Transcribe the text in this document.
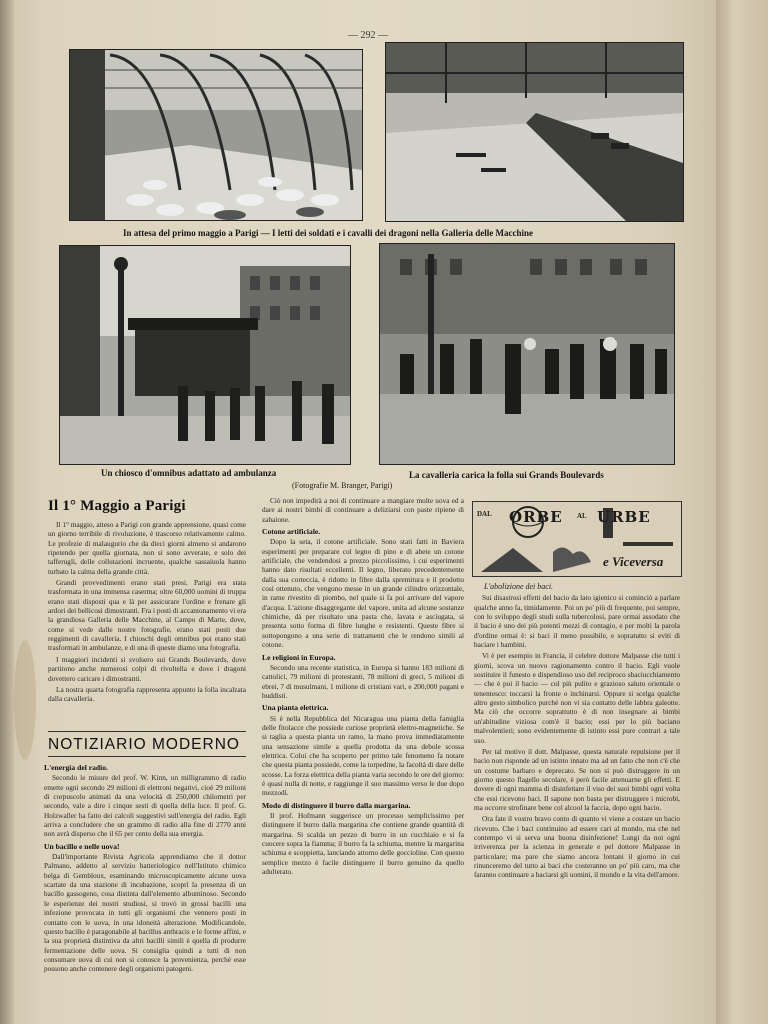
— 292 —
In attesa del primo maggio a Parigi — I letti dei soldati e i cavalli dei dragoni nella Galleria delle Macchine
Un chiosco d'omnibus adattato ad ambulanza	La cavalleria carica la folla sui Grands Boulevards
(Fotografie M. Branger, Parigi)
Il 1° Maggio a Parigi

Il 1° maggio, atteso a Parigi con grande apprensione, quasi come un giorno terribile di rivoluzione, è trascorso relativamente calmo. Le profezie di malaugurio che da dieci giorni almeno si andarono ripetendo per quella giornata, non si sono avverate, e solo dei tafferugli, delle collutazioni incruente, qualche sassaiuola hanno turbato la calma della grande città.

Grandi provvedimenti erano stati presi. Parigi era stata trasformata in una immensa caserma; oltre 60,000 uomini di truppa erano stati disposti qua e là per assicurare l'ordine e frenare gli ardori dei bellicosi dimostranti. Fra i posti di accantonamento vi era la grandiosa Galleria delle Macchine, al Campo di Marte, dove, come si vede dalle nostre fotografie, erano stati posti due reggimenti di cavalleria. I chioschi degli omnibus poi erano stati trasformati in ambulanze, e di una di queste diamo una fotografia.

I maggiori incidenti si svolsero sui Grands Boulevards, dove partirono anche numerosi colpi di rivoltella e dove i dragoni dovettero caricare i dimostranti.

La nostra quarta fotografia rappresenta appunto la folla incalzata dalla cavalleria.

NOTIZIARIO MODERNO
L'energia del radio.

Secondo le misure del prof. W. Kinn, un milligrammo di radio emette ogni secondo 29 milioni di elettroni negativi, cioè 29 milioni di corpuscolo animati da una velocità di 250,000 chilometri per secondo, vale a dire i cinque sesti di quella della luce. Il prof. G. Holzwaller ha fatto dei calcoli suggestivi sull'energia del radio. Egli arriva a concludere che un grammo di radio alla fine di 2770 anni non avrà disperso che il 65 per cento della sua energia.

Un bacillo e nelle uova!

Dall'importante Rivista Agricola apprendiamo che il dottor Palmano, addetto al servizio batteriologico nell'Istituto chimico belga di Gembloux, esaminando microscopicamente alcune uova scartate da una stazione di incubazione, scoprì la presenza di un bacillo gassogeno, cosa distinta dall'elemento albuminoso. Secondo le esperienze dei nostri studiosi, si trovò in grossi bacilli una infezione provocata in tutti gli organismi che vennero posti in contatto con le uova, in una idoneità alterazione. Modificandole, questo bacillo è paragonabile al bacillus anthracis e le forme affini, e la sua proprietà distintiva da altri bacilli simili è quella di produrre fermentazione delle uova. Si consiglia quindi a tutti di non consumare uova di cui non si conosce la provenienza, perché esse possono anche contenere degli organismi patogeni.

Ciò non impedirà a noi di continuare a mangiare molte uova ed a dare ai nostri bimbi di continuare a deliziarsi con paste ripiene di zabaione.

Cotone artificiale.

Dopo la seta, il cotone artificiale. Sono stati fatti in Baviera esperimenti per preparare col legno di pino e di abete un cotone artificiale, che vendendosi a prezzo piccolissimo, i cui esperimenti hanno dato risultati eccellenti. Il legno, liberato precedentemente dalla sua corteccia, è ridotto in fibre dalla spremitura e il prodotto così ottenuto, che vengono messe in un grande cilindro orizzontale, in rame rivestito di piombo, nel quale si fa poi arrivare del vapore d'acqua. L'azione disaggregante del vapore, unita ad alcune sostanze chimiche, dà per risultato una pasta che, lavata e asciugata, si presenta sotto forma di fibre lunghe e resistenti. Queste fibre si sottopongono a una serie di trattamenti che le rendono simili al cotone.

Le religioni in Europa.

Secondo una recente statistica, in Europa si hanno 183 milioni di cattolici, 79 milioni di protestanti, 78 milioni di greci, 5 milioni di ebrei, 7 di musulmani, 1 milione di cristiani vari, e 200,000 pagani e buddisti.

Una pianta elettrica.

Si è nella Repubblica del Nicaragua una pianta della famiglia delle fitolacce che possiede curiose proprietà elettro-magnetiche. Se si taglia a questa pianta un ramo, la mano prova immediatamente una sensazione simile a quella prodotta da una debole scossa elettrica. Colui che ha scoperto per primo tale fenomeno fa notare che questa pianta possiede, come la torpedine, la facoltà di dare delle scosse. La forza elettrica della pianta varia secondo le ore del giorno: è quasi nulla di notte, e raggiunge il suo massimo verso le due dopo mezzodì.

Modo di distinguere il burro dalla margarina.

Il prof. Hofmann suggerisce un processo semplicissimo per distinguere il burro dalla margarina che contiene grande quantità di margarina. Si scalda un pezzo di burro in un cucchiaio e si fa cuocere sopra la fiamma; il burro fa la schiuma, mentre la margarina schiuma e scoppietta, lanciando attorno delle goccioline. Con questo semplice mezzo è facile distinguere il burro genuino da quello adulterato.

DAL ORBE AL URBE
e Viceversa
L'abolizione dei baci.

Sui disastrosi effetti del bacio da lato igienico si cominciò a parlare qualche anno fa, timidamente. Poi un po' più di frequente, poi sempre, con lo sviluppo degli studi sulla tubercolosi, pare ormai assodato che il bacio è uno dei più potenti mezzi di contagio, e per molti la parola d'ordine ormai è: si baci il meno possibile, e sopratutto si eviti di baciare i bambini.

Vi è per esempio in Francia, il celebre dottore Malpasse che tutti i giorni, scova un nuovo ragionamento contro il bacio. Egli vuole sostituire il funesto e dispendioso uso del reciproco sbaciucchiamento — che è poi il bacio — col più pulito e grazioso saluto orientale o tenentesco: toccarsi la fronte o inchinarsi. Oppure si scelga qualche altro gesto simbolico purchè non vi sia contatto delle labbra galeotte. Ma ciò che occorre soprattutto è di non insegnare ai bimbi un'abitudine viziosa com'è il bacio; essi per lo più baciano malvolentieri; sono evidentemente di istinto essi pure contrari a tale uso.

Per tal motivo il dott. Malpasse, questa naturale repulsione per il bacio non risponde ad un istinto innato ma ad un fatto che non c'è che un costume barbaro e deprecato. Se non si può distruggere in un giorno questo flagello secolare, è però facile attenuarne gli effetti. E dovere di ogni mamma di disinfettare il viso dei suoi bimbi ogni volta che essi ricevono baci. Il sapone non basta per distruggere i microbi, ma occorre strofinare bene col alcool la faccia, dopo ogni bacio.

Ora fate il vostro bravo conto di quanto vi viene a costare un bacio ricevuto. Che i baci continuino ad essere cari al mondo, ma che nel contempo vi si serva una buona disinfezione! Lungi da noi ogni irriverenza per la scienza in generale e pel dottore Malpasse in particolare; ma pare che siamo ancora lontani il giorno in cui rinunceremo del tutto ai baci che costeranno un po' più caro, ma che faranno continuare a baciarsi gli uomini, il mondo e la vita dell'amore.
